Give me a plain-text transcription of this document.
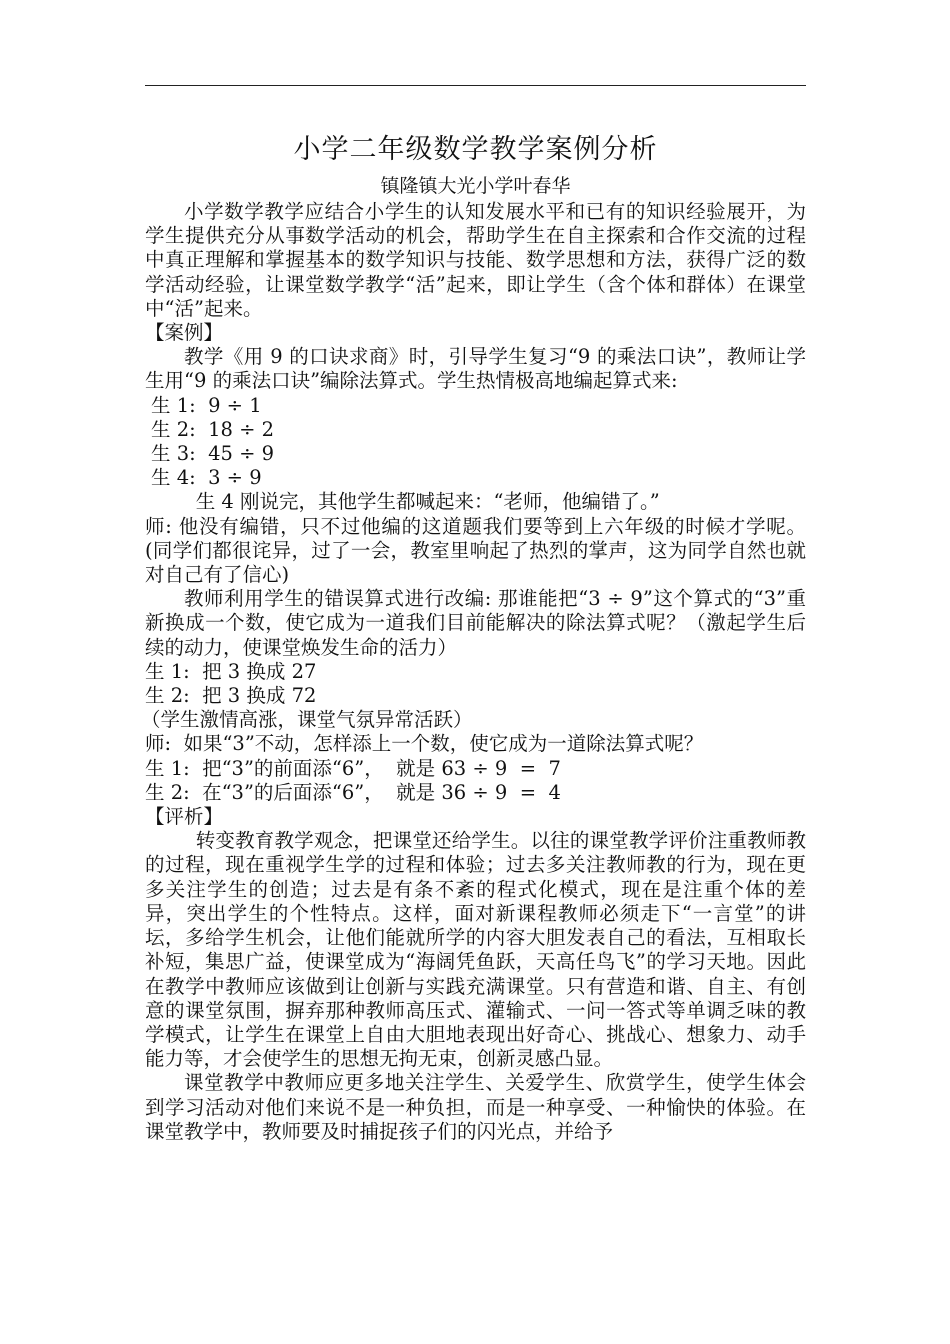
小学二年级数学教学案例分析
镇隆镇大光小学叶春华

小学数学教学应结合小学生的认知发展水平和已有的知识经验展开，为学生提供充分从事数学活动的机会，帮助学生在自主探索和合作交流的过程中真正理解和掌握基本的数学知识与技能、数学思想和方法，获得广泛的数学活动经验，让课堂数学教学“活”起来，即让学生（含个体和群体）在课堂中“活”起来。

【案例】

教学《用 9 的口诀求商》时，引导学生复习“9 的乘法口诀”，教师让学生用“9 的乘法口诀”编除法算式。学生热情极高地编起算式来:

生 1:  9 ÷ 1

生 2:  18 ÷ 2

生 3:  45 ÷ 9

生 4:  3 ÷ 9

生 4 刚说完，其他学生都喊起来：“老师，他编错了。”

师: 他没有编错，只不过他编的这道题我们要等到上六年级的时候才学呢。(同学们都很诧异，过了一会，教室里响起了热烈的掌声，这为同学自然也就对自己有了信心)

教师利用学生的错误算式进行改编: 那谁能把“3 ÷ 9”这个算式的“3”重新换成一个数，使它成为一道我们目前能解决的除法算式呢？（激起学生后续的动力，使课堂焕发生命的活力）

生 1:  把 3 换成 27

生 2:  把 3 换成 72

（学生激情高涨，课堂气氛异常活跃）

师:  如果“3”不动，怎样添上一个数，使它成为一道除法算式呢？

生 1:  把“3”的前面添“6”，  就是 63 ÷ 9  =  7

生 2:  在“3”的后面添“6”，  就是 36 ÷ 9  =  4

【评析】

转变教育教学观念，把课堂还给学生。以往的课堂教学评价注重教师教的过程，现在重视学生学的过程和体验；过去多关注教师教的行为，现在更多关注学生的创造；过去是有条不紊的程式化模式，现在是注重个体的差异，突出学生的个性特点。这样，面对新课程教师必须走下“一言堂”的讲坛，多给学生机会，让他们能就所学的内容大胆发表自己的看法，互相取长补短，集思广益，使课堂成为“海阔凭鱼跃，天高任鸟飞”的学习天地。因此在教学中教师应该做到让创新与实践充满课堂。只有营造和谐、自主、有创意的课堂氛围，摒弃那种教师高压式、灌输式、一问一答式等单调乏味的教学模式，让学生在课堂上自由大胆地表现出好奇心、挑战心、想象力、动手能力等，才会使学生的思想无拘无束，创新灵感凸显。

课堂教学中教师应更多地关注学生、关爱学生、欣赏学生，使学生体会到学习活动对他们来说不是一种负担，而是一种享受、一种愉快的体验。在课堂教学中，教师要及时捕捉孩子们的闪光点，并给予
